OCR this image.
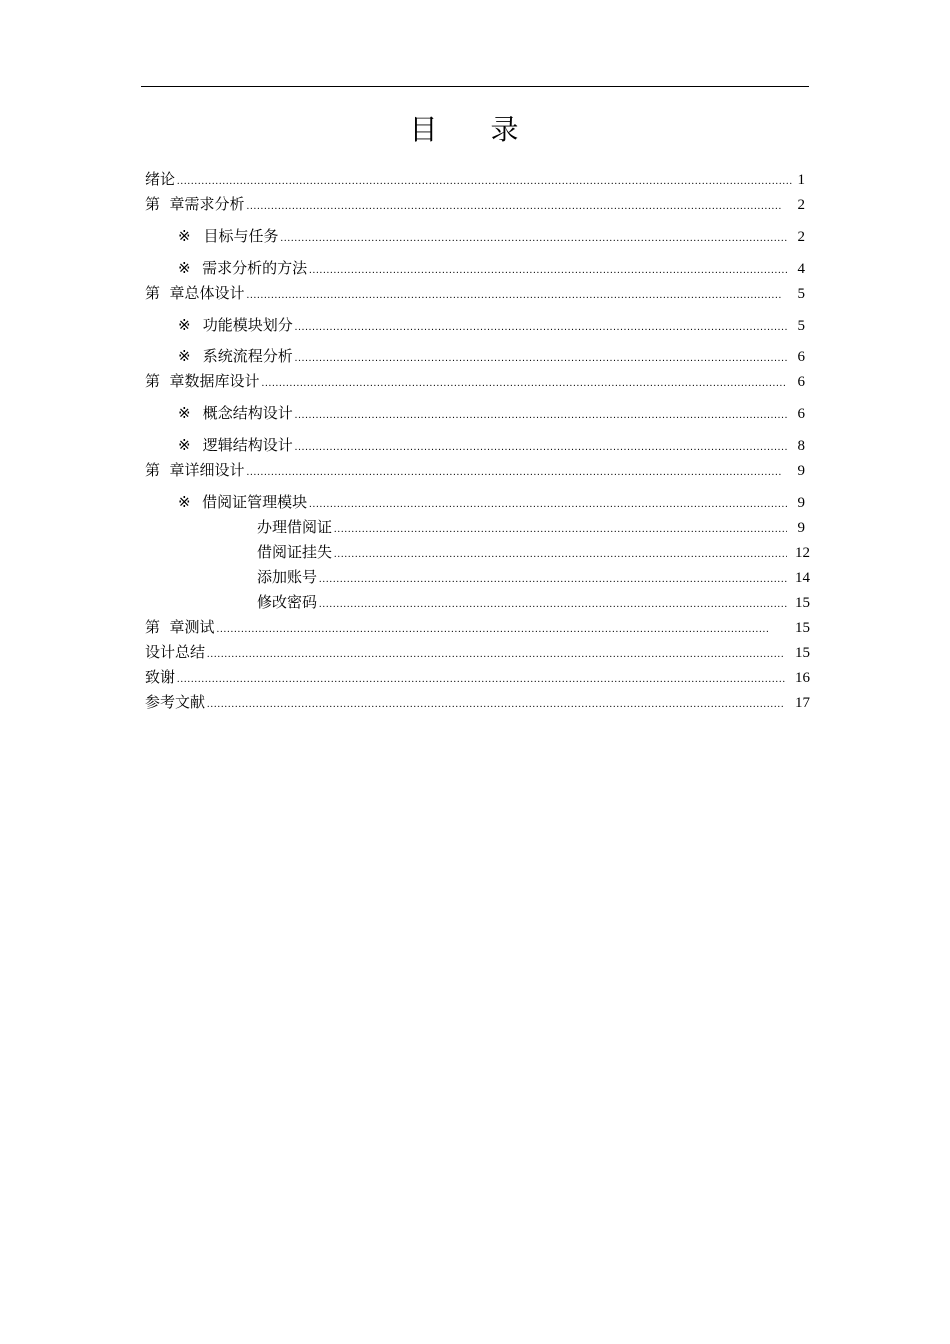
目 录
绪论 .....	1
第  章 需求分析 .....	2
※ 目标与任务 .....	2
※ 需求分析的方法 .....	4
第  章 总体设计 .....	5
※ 功能模块划分 .....	5
※ 系统流程分析 .....	6
第  章 数据库设计 .....	6
※ 概念结构设计 .....	6
※ 逻辑结构设计 .....	8
第  章 详细设计 .....	9
※ 借阅证管理模块 .....	9
办理借阅证 .....	9
借阅证挂失 .....	12
添加账号 .....	14
修改密码 .....	15
第  章 测试 .....	15
设计总结 .....	15
致谢 .....	16
参考文献 .....	17
